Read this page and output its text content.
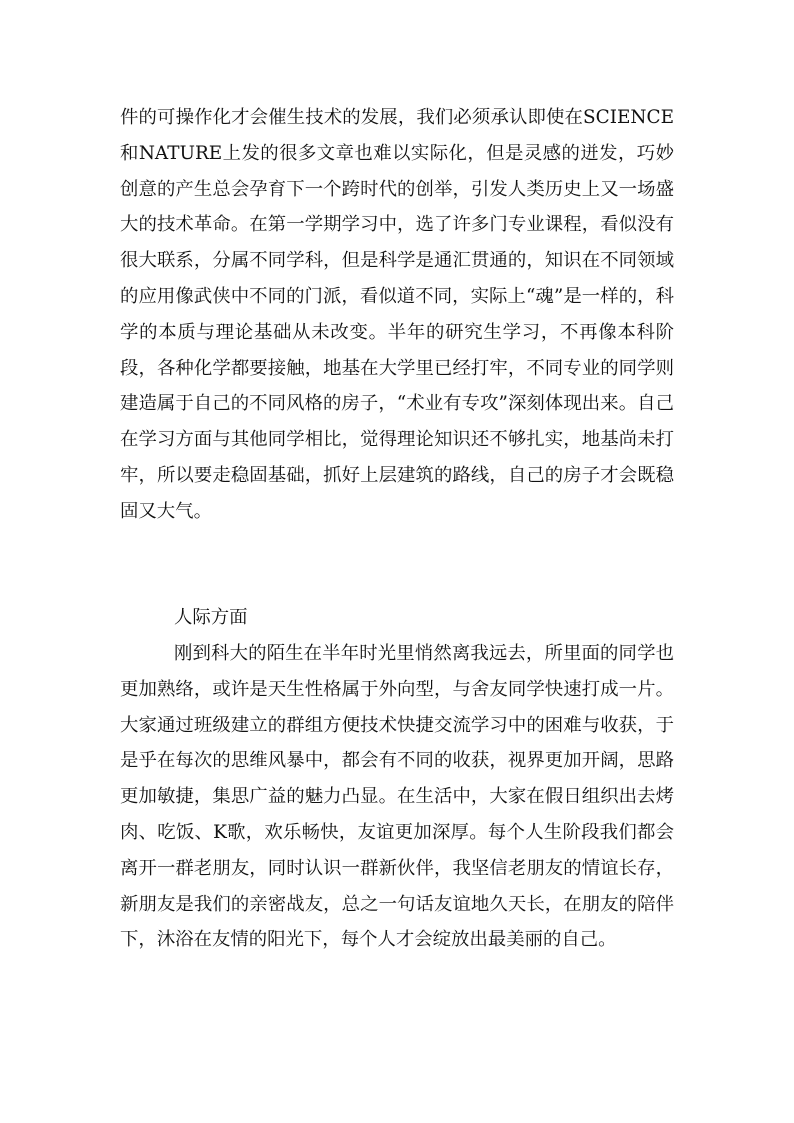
件的可操作化才会催生技术的发展，我们必须承认即使在SCIENCE和NATURE上发的很多文章也难以实际化，但是灵感的迸发，巧妙创意的产生总会孕育下一个跨时代的创举，引发人类历史上又一场盛大的技术革命。在第一学期学习中，选了许多门专业课程，看似没有很大联系，分属不同学科，但是科学是通汇贯通的，知识在不同领域的应用像武侠中不同的门派，看似道不同，实际上“魂”是一样的，科学的本质与理论基础从未改变。半年的研究生学习，不再像本科阶段，各种化学都要接触，地基在大学里已经打牢，不同专业的同学则建造属于自己的不同风格的房子，“术业有专攻”深刻体现出来。自己在学习方面与其他同学相比，觉得理论知识还不够扎实，地基尚未打牢，所以要走稳固基础，抓好上层建筑的路线，自己的房子才会既稳固又大气。

人际方面

刚到科大的陌生在半年时光里悄然离我远去，所里面的同学也更加熟络，或许是天生性格属于外向型，与舍友同学快速打成一片。大家通过班级建立的群组方便技术快捷交流学习中的困难与收获，于是乎在每次的思维风暴中，都会有不同的收获，视界更加开阔，思路更加敏捷，集思广益的魅力凸显。在生活中，大家在假日组织出去烤肉、吃饭、K歌，欢乐畅快，友谊更加深厚。每个人生阶段我们都会离开一群老朋友，同时认识一群新伙伴，我坚信老朋友的情谊长存，新朋友是我们的亲密战友，总之一句话友谊地久天长，在朋友的陪伴下，沐浴在友情的阳光下，每个人才会绽放出最美丽的自己。
